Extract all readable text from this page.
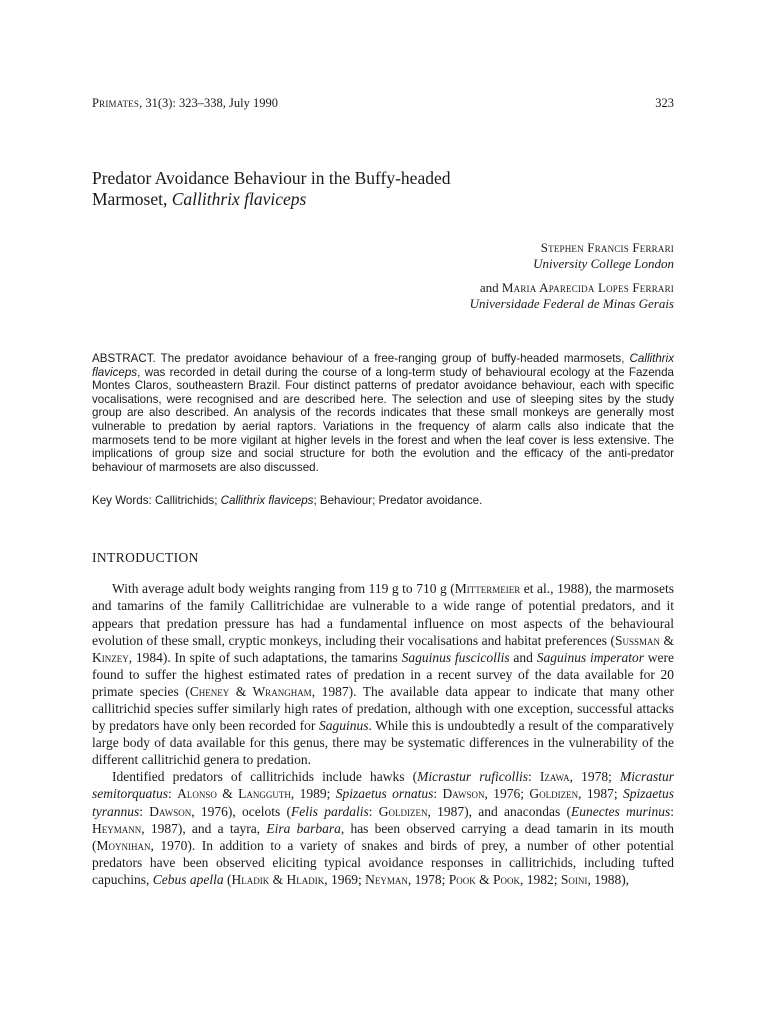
Primates, 31(3): 323–338, July 1990	323
Predator Avoidance Behaviour in the Buffy-headed
Marmoset, Callithrix flaviceps
Stephen Francis Ferrari
University College London
and Maria Aparecida Lopes Ferrari
Universidade Federal de Minas Gerais
ABSTRACT. The predator avoidance behaviour of a free-ranging group of buffy-headed marmosets, Callithrix flaviceps, was recorded in detail during the course of a long-term study of behavioural ecology at the Fazenda Montes Claros, southeastern Brazil. Four distinct patterns of predator avoidance behaviour, each with specific vocalisations, were recognised and are described here. The selection and use of sleeping sites by the study group are also described. An analysis of the records indicates that these small monkeys are generally most vulnerable to predation by aerial raptors. Variations in the frequency of alarm calls also indicate that the marmosets tend to be more vigilant at higher levels in the forest and when the leaf cover is less extensive. The implications of group size and social structure for both the evolution and the efficacy of the anti-predator behaviour of marmosets are also discussed.
Key Words: Callitrichids; Callithrix flaviceps; Behaviour; Predator avoidance.
INTRODUCTION

With average adult body weights ranging from 119 g to 710 g (Mittermeier et al., 1988), the marmosets and tamarins of the family Callitrichidae are vulnerable to a wide range of potential predators, and it appears that predation pressure has had a fundamental influence on most aspects of the behavioural evolution of these small, cryptic monkeys, including their vocalisations and habitat preferences (Sussman & Kinzey, 1984). In spite of such adaptations, the tamarins Saguinus fuscicollis and Saguinus imperator were found to suffer the highest estimated rates of predation in a recent survey of the data available for 20 primate species (Cheney & Wrangham, 1987). The available data appear to indicate that many other callitrichid species suffer similarly high rates of predation, although with one exception, successful attacks by predators have only been recorded for Saguinus. While this is undoubtedly a result of the comparatively large body of data available for this genus, there may be systematic differences in the vulnerability of the different callitrichid genera to predation.

Identified predators of callitrichids include hawks (Micrastur ruficollis: Izawa, 1978; Micrastur semitorquatus: Alonso & Langguth, 1989; Spizaetus ornatus: Dawson, 1976; Goldizen, 1987; Spizaetus tyrannus: Dawson, 1976), ocelots (Felis pardalis: Goldizen, 1987), and anacondas (Eunectes murinus: Heymann, 1987), and a tayra, Eira barbara, has been observed carrying a dead tamarin in its mouth (Moynihan, 1970). In addition to a variety of snakes and birds of prey, a number of other potential predators have been observed eliciting typical avoidance responses in callitrichids, including tufted capuchins, Cebus apella (Hladik & Hladik, 1969; Neyman, 1978; Pook & Pook, 1982; Soini, 1988),
